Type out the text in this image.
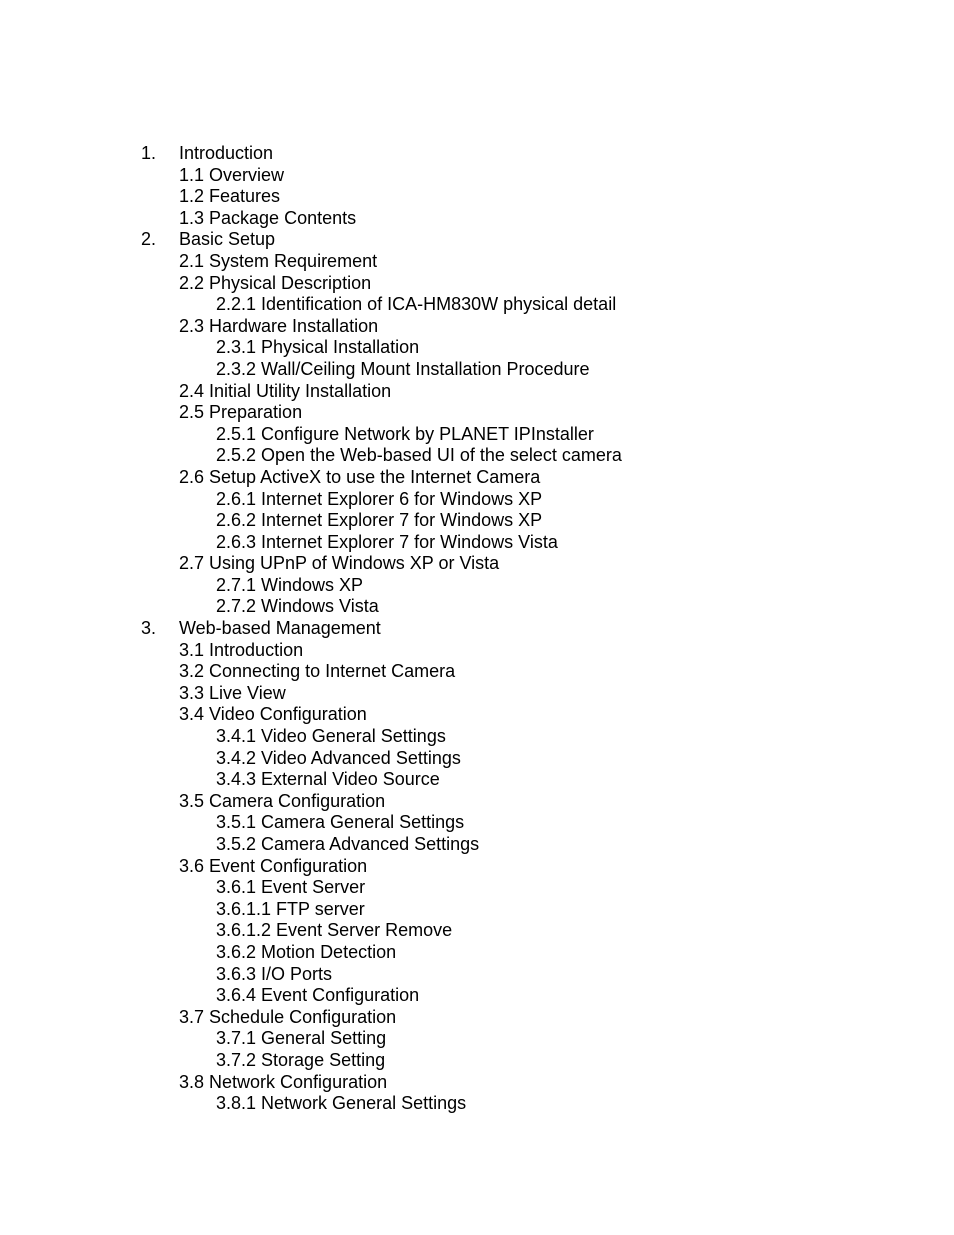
1. Introduction
1.1 Overview
1.2 Features
1.3 Package Contents
2. Basic Setup
2.1 System Requirement
2.2 Physical Description
2.2.1 Identification of ICA-HM830W physical detail
2.3 Hardware Installation
2.3.1 Physical Installation
2.3.2 Wall/Ceiling Mount Installation Procedure
2.4 Initial Utility Installation
2.5 Preparation
2.5.1 Configure Network by PLANET IPInstaller
2.5.2 Open the Web-based UI of the select camera
2.6 Setup ActiveX to use the Internet Camera
2.6.1 Internet Explorer 6 for Windows XP
2.6.2 Internet Explorer 7 for Windows XP
2.6.3 Internet Explorer 7 for Windows Vista
2.7 Using UPnP of Windows XP or Vista
2.7.1 Windows XP
2.7.2 Windows Vista
3. Web-based Management
3.1 Introduction
3.2 Connecting to Internet Camera
3.3 Live View
3.4 Video Configuration
3.4.1 Video General Settings
3.4.2 Video Advanced Settings
3.4.3 External Video Source
3.5 Camera Configuration
3.5.1 Camera General Settings
3.5.2 Camera Advanced Settings
3.6 Event Configuration
3.6.1 Event Server
3.6.1.1 FTP server
3.6.1.2 Event Server Remove
3.6.2 Motion Detection
3.6.3 I/O Ports
3.6.4 Event Configuration
3.7 Schedule Configuration
3.7.1 General Setting
3.7.2 Storage Setting
3.8 Network Configuration
3.8.1 Network General Settings
